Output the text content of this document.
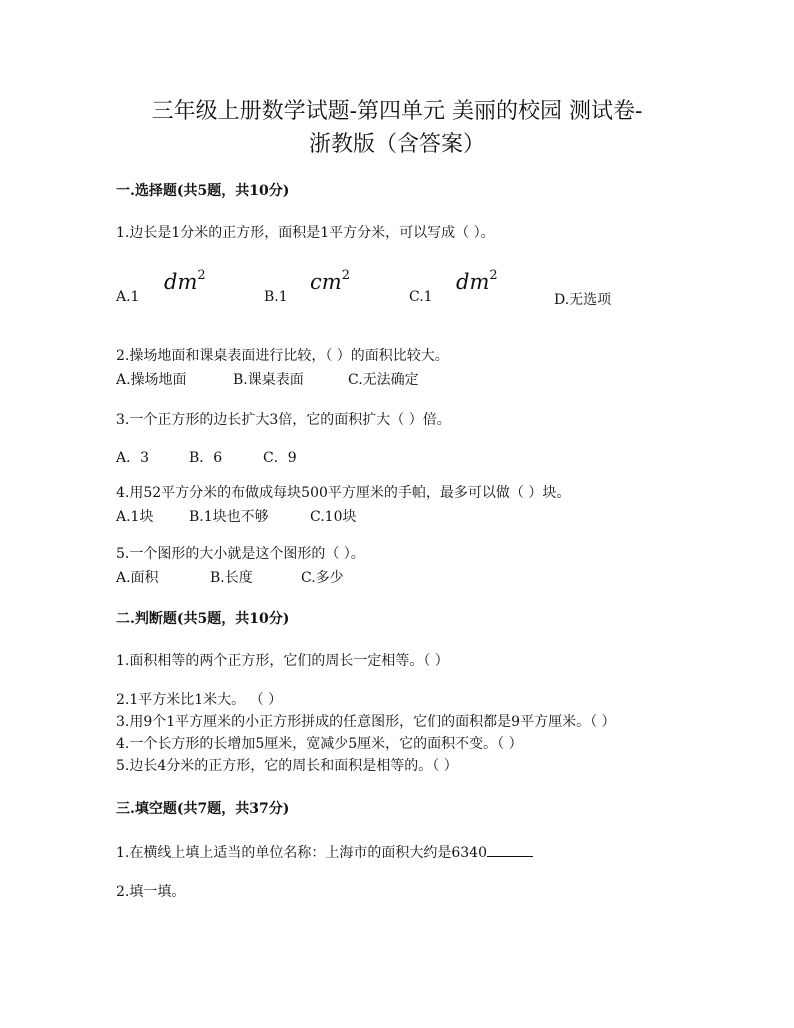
三年级上册数学试题-第四单元 美丽的校园 测试卷-
浙教版（含答案）
一.选择题(共5题，共10分)
1.边长是1分米的正方形，面积是1平方分米，可以写成（ ）。
A.1
$dm^2$
B.1
$cm^2$
C.1
$dm^2$
D.无选项
2.操场地面和课桌表面进行比较，（ ）的面积比较大。
A.操场地面	B.课桌表面	C.无法确定
3.一个正方形的边长扩大3倍，它的面积扩大（ ）倍。
A．3	B．6	C．9
4.用52平方分米的布做成每块500平方厘米的手帕，最多可以做（ ）块。
A.1块	B.1块也不够	C.10块
5.一个图形的大小就是这个图形的（ ）。
A.面积	B.长度	C.多少
二.判断题(共5题，共10分)
1.面积相等的两个正方形，它们的周长一定相等。（ ）
2.1平方米比1米大。 （ ）
3.用9个1平方厘米的小正方形拼成的任意图形，它们的面积都是9平方厘米。（ ）
4.一个长方形的长增加5厘米，宽减少5厘米，它的面积不变。（ ）
5.边长4分米的正方形，它的周长和面积是相等的。（ ）
三.填空题(共7题，共37分)
1.在横线上填上适当的单位名称：上海市的面积大约是6340
2.填一填。
